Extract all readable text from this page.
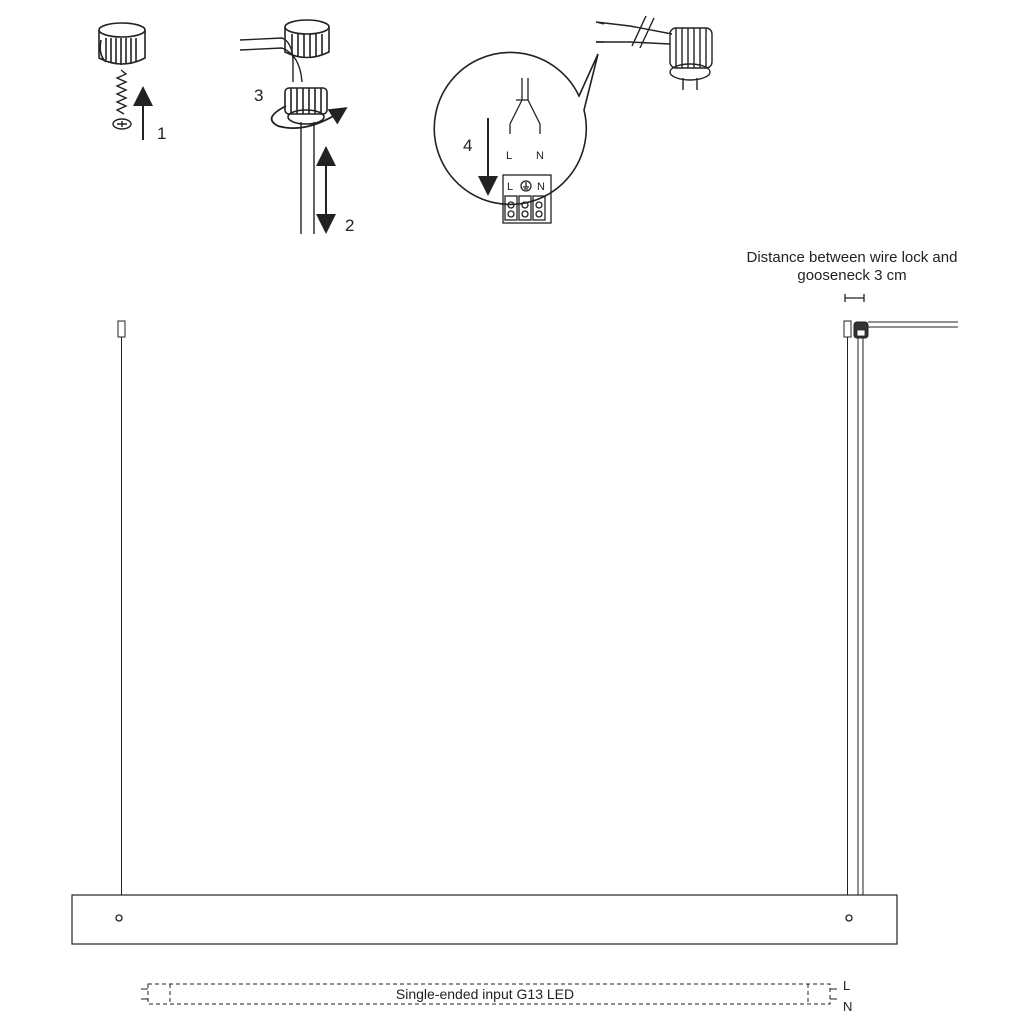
1
3
2
L N
4
L N
Single-ended input G13 LED
L
N
Distance between wire lock and
gooseneck 3 cm
